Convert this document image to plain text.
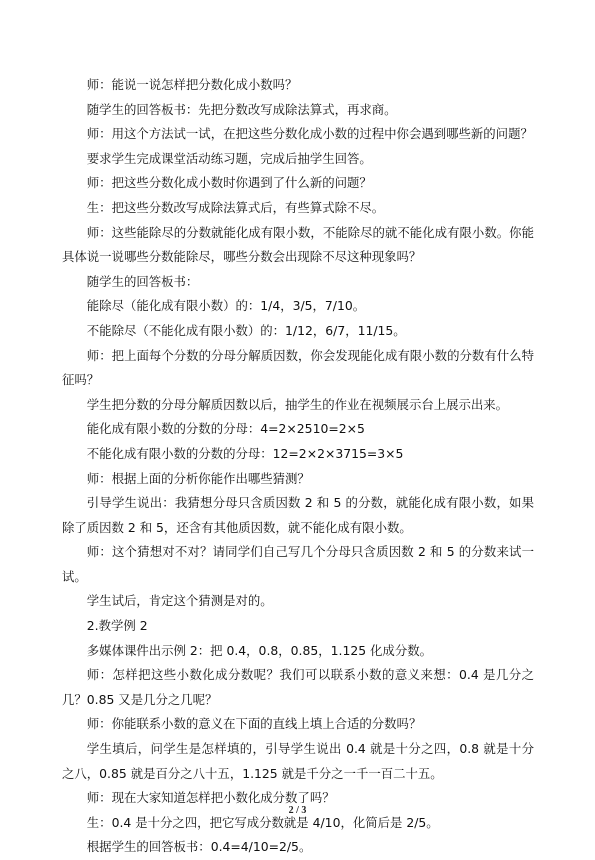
师：能说一说怎样把分数化成小数吗？

随学生的回答板书：先把分数改写成除法算式，再求商。

师：用这个方法试一试，在把这些分数化成小数的过程中你会遇到哪些新的问题？

要求学生完成课堂活动练习题，完成后抽学生回答。

师：把这些分数化成小数时你遇到了什么新的问题？

生：把这些分数改写成除法算式后，有些算式除不尽。

师：这些能除尽的分数就能化成有限小数，不能除尽的就不能化成有限小数。你能具体说一说哪些分数能除尽，哪些分数会出现除不尽这种现象吗？

随学生的回答板书：

能除尽（能化成有限小数）的：1/4，3/5，7/10。

不能除尽（不能化成有限小数）的：1/12，6/7，11/15。

师：把上面每个分数的分母分解质因数，你会发现能化成有限小数的分数有什么特征吗？

学生把分数的分母分解质因数以后，抽学生的作业在视频展示台上展示出来。

能化成有限小数的分数的分母：4=2×2510=2×5

不能化成有限小数的分数的分母：12=2×2×3715=3×5

师：根据上面的分析你能作出哪些猜测？

引导学生说出：我猜想分母只含质因数 2 和 5 的分数，就能化成有限小数，如果除了质因数 2 和 5，还含有其他质因数，就不能化成有限小数。

师：这个猜想对不对？请同学们自己写几个分母只含质因数 2 和 5 的分数来试一试。

学生试后，肯定这个猜测是对的。

2.教学例 2

多媒体课件出示例 2：把 0.4，0.8，0.85，1.125 化成分数。

师：怎样把这些小数化成分数呢？我们可以联系小数的意义来想：0.4 是几分之几？0.85 又是几分之几呢？

师：你能联系小数的意义在下面的直线上填上合适的分数吗？

学生填后，问学生是怎样填的，引导学生说出 0.4 就是十分之四，0.8 就是十分之八，0.85 就是百分之八十五，1.125 就是千分之一千一百二十五。

师：现在大家知道怎样把小数化成分数了吗？

生：0.4 是十分之四，把它写成分数就是 4/10，化简后是 2/5。

根据学生的回答板书：0.4=4/10=2/5。

2 / 3
